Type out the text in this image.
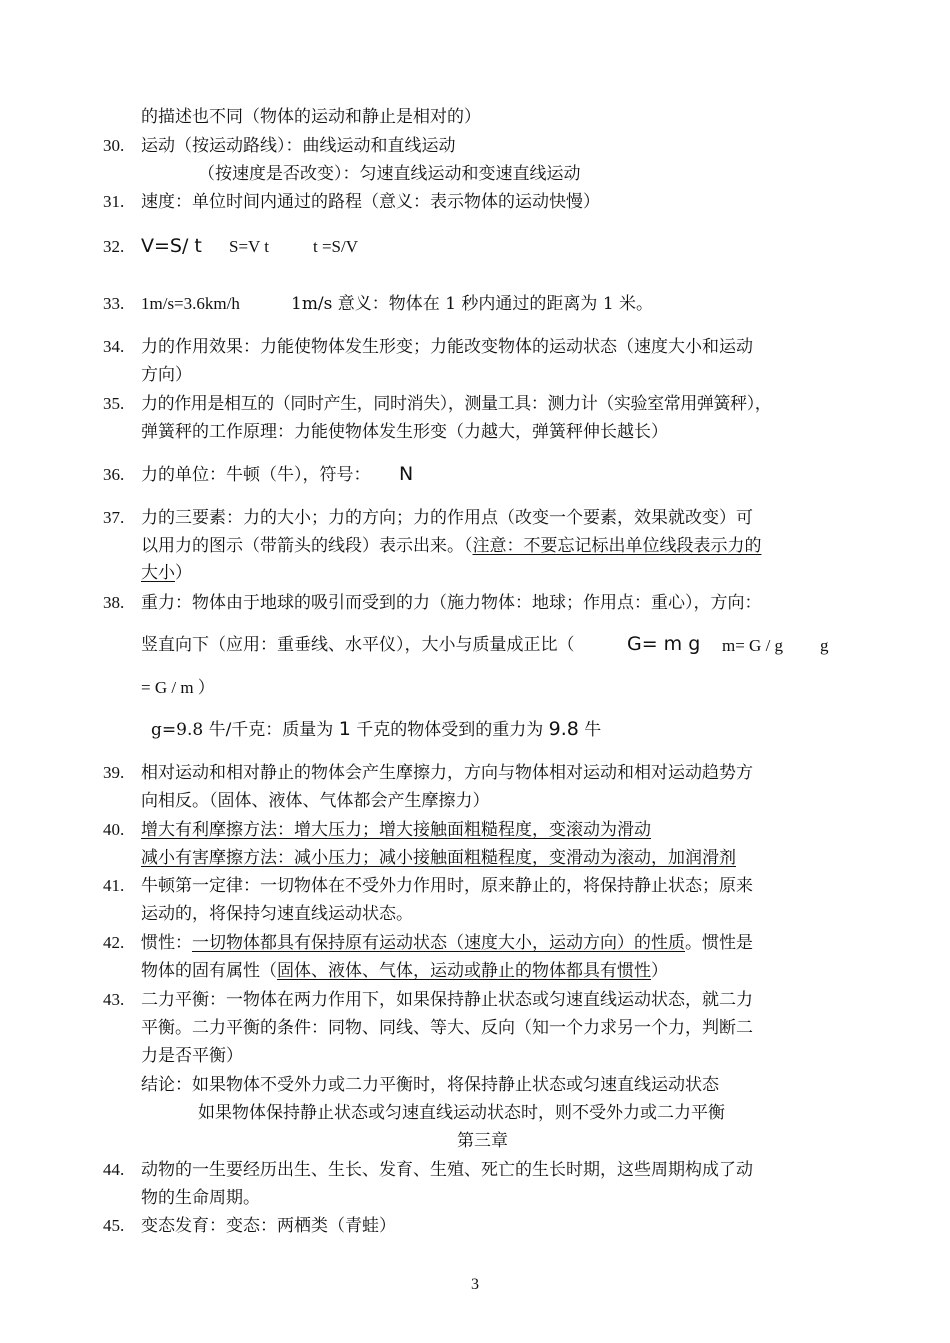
的描述也不同（物体的运动和静止是相对的）
30. 运动（按运动路线）：曲线运动和直线运动
（按速度是否改变）：匀速直线运动和变速直线运动
31. 速度：单位时间内通过的路程（意义：表示物体的运动快慢）
32. V=S/ t S=V t	t =S/V
33. 1m/s=3.6km/h	1m/s 意义：物体在 1 秒内通过的距离为 1 米。
34. 力的作用效果：力能使物体发生形变；力能改变物体的运动状态（速度大小和运动
方向）
35. 力的作用是相互的（同时产生，同时消失），测量工具：测力计（实验室常用弹簧秤），
弹簧秤的工作原理：力能使物体发生形变（力越大，弹簧秤伸长越长）
36. 力的单位：牛顿（牛），符号： N
37. 力的三要素：力的大小；力的方向；力的作用点（改变一个要素，效果就改变）可
以用力的图示（带箭头的线段）表示出来。（注意：不要忘记标出单位线段表示力的
大小）
38. 重力：物体由于地球的吸引而受到的力（施力物体：地球；作用点：重心），方向：
竖直向下（应用：重垂线、水平仪），大小与质量成正比（	G= m g m= G / g g
= G / m ）
g=9.8 牛/千克：质量为 1 千克的物体受到的重力为 9.8 牛
39. 相对运动和相对静止的物体会产生摩擦力，方向与物体相对运动和相对运动趋势方
向相反。（固体、液体、气体都会产生摩擦力）
40. 增大有利摩擦方法：增大压力；增大接触面粗糙程度，变滚动为滑动
减小有害摩擦方法：减小压力；减小接触面粗糙程度，变滑动为滚动，加润滑剂
41. 牛顿第一定律：一切物体在不受外力作用时，原来静止的，将保持静止状态；原来
运动的，将保持匀速直线运动状态。
42. 惯性：一切物体都具有保持原有运动状态（速度大小，运动方向）的性质。惯性是
物体的固有属性（固体、液体、气体，运动或静止的物体都具有惯性）
43. 二力平衡：一物体在两力作用下，如果保持静止状态或匀速直线运动状态，就二力
平衡。二力平衡的条件：同物、同线、等大、反向（知一个力求另一个力，判断二
力是否平衡）
结论：如果物体不受外力或二力平衡时，将保持静止状态或匀速直线运动状态
如果物体保持静止状态或匀速直线运动状态时，则不受外力或二力平衡
第三章
44. 动物的一生要经历出生、生长、发育、生殖、死亡的生长时期，这些周期构成了动
物的生命周期。
45. 变态发育：变态：两栖类（青蛙）
3
